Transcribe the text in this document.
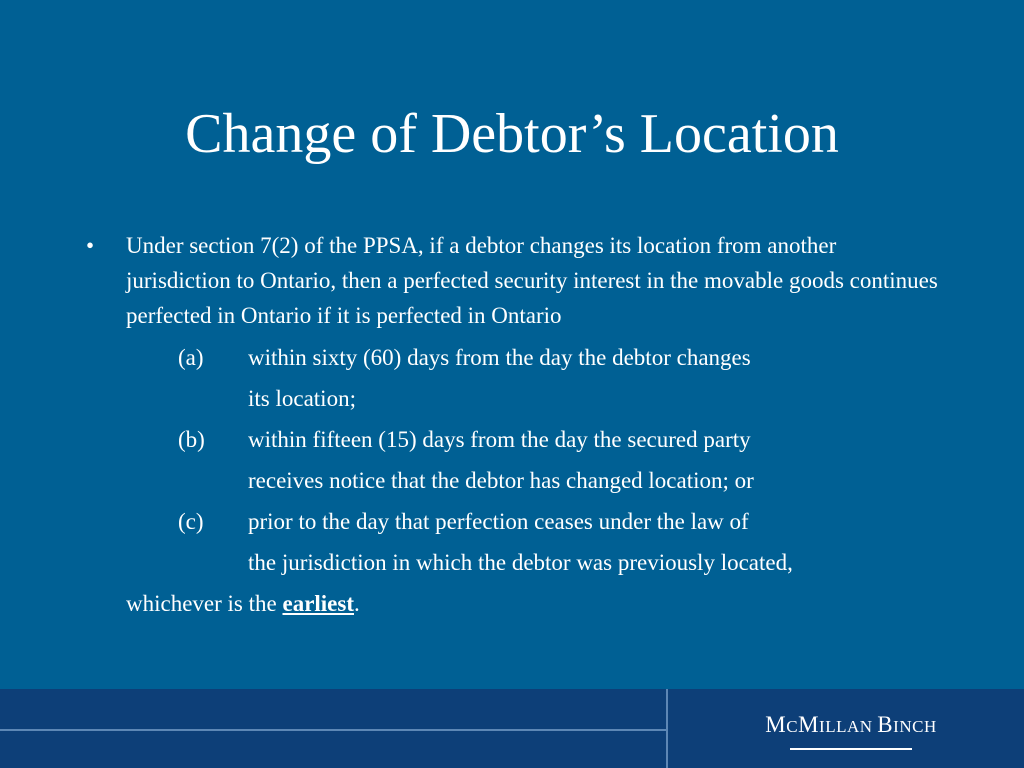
Change of Debtor’s Location
• Under section 7(2) of the PPSA, if a debtor changes its location from another jurisdiction to Ontario, then a perfected security interest in the movable goods continues perfected in Ontario if it is perfected in Ontario
(a)	within sixty (60) days from the day the debtor changes
its location;
(b)	within fifteen (15) days from the day the secured party
receives notice that the debtor has changed location; or
(c)	prior to the day that perfection ceases under the law of
the jurisdiction in which the debtor was previously located,
whichever is the earliest.
MCMILLAN BINCH
